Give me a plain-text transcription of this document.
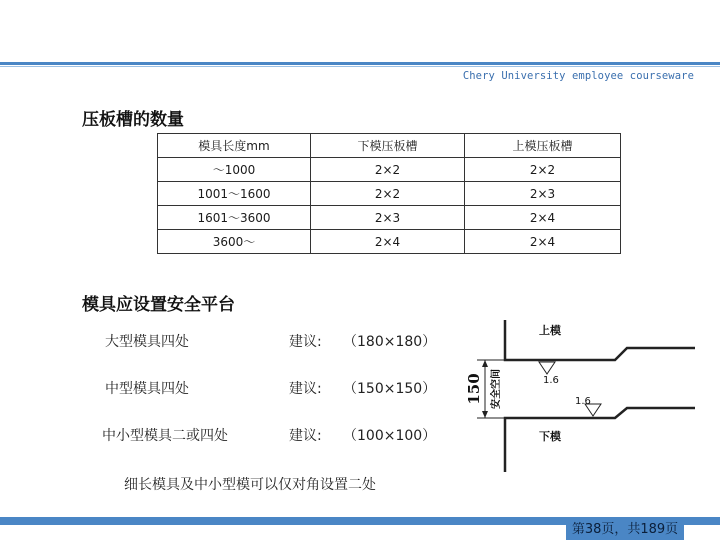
Chery University employee courseware
压板槽的数量
模具长度mm	下模压板槽	上模压板槽
～1000	2×2	2×2
1001～1600	2×2	2×3
1601～3600	2×3	2×4
3600～	2×4	2×4
模具应设置安全平台
大型模具四处	建议: （180×180）
中型模具四处	建议: （150×150）
中小型模具二或四处	建议: （100×100）
细长模具及中小型模可以仅对角设置二处
150 安全空间	1.6
1.6
上模
下模
第38页，共189页
